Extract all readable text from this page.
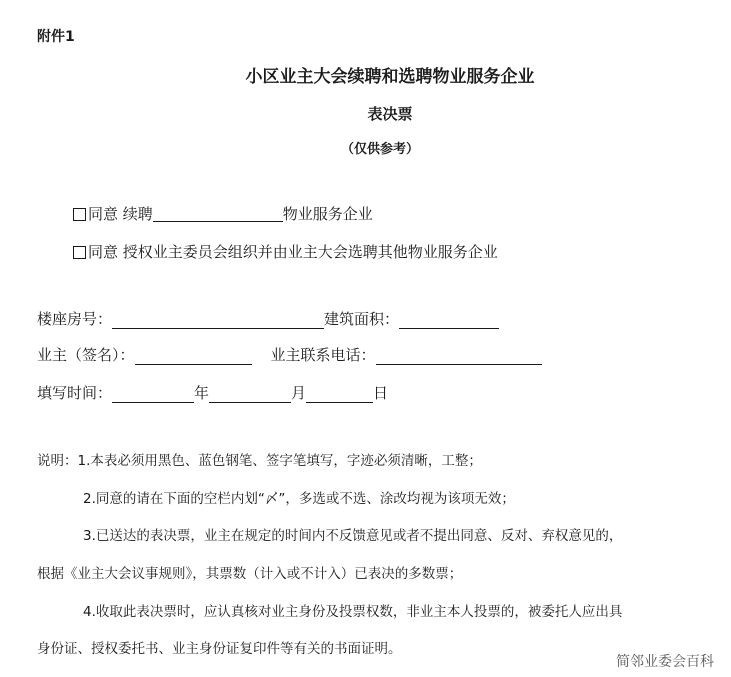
附件1
小区业主大会续聘和选聘物业服务企业
表决票
（仅供参考）
同意 续聘	物业服务企业
同意 授权业主委员会组织并由业主大会选聘其他物业服务企业
楼座房号：	建筑面积：
业主（签名）：	业主联系电话：
填写时间：	年	月	日
说明：1.本表必须用黑色、蓝色钢笔、签字笔填写，字迹必须清晰，工整；
2.同意的请在下面的空栏内划“〆”，多选或不选、涂改均视为该项无效；
3.已送达的表决票，业主在规定的时间内不反馈意见或者不提出同意、反对、弃权意见的，
根据《业主大会议事规则》，其票数（计入或不计入）已表决的多数票；
4.收取此表决票时，应认真核对业主身份及投票权数，非业主本人投票的，被委托人应出具
身份证、授权委托书、业主身份证复印件等有关的书面证明。
简邻业委会百科
